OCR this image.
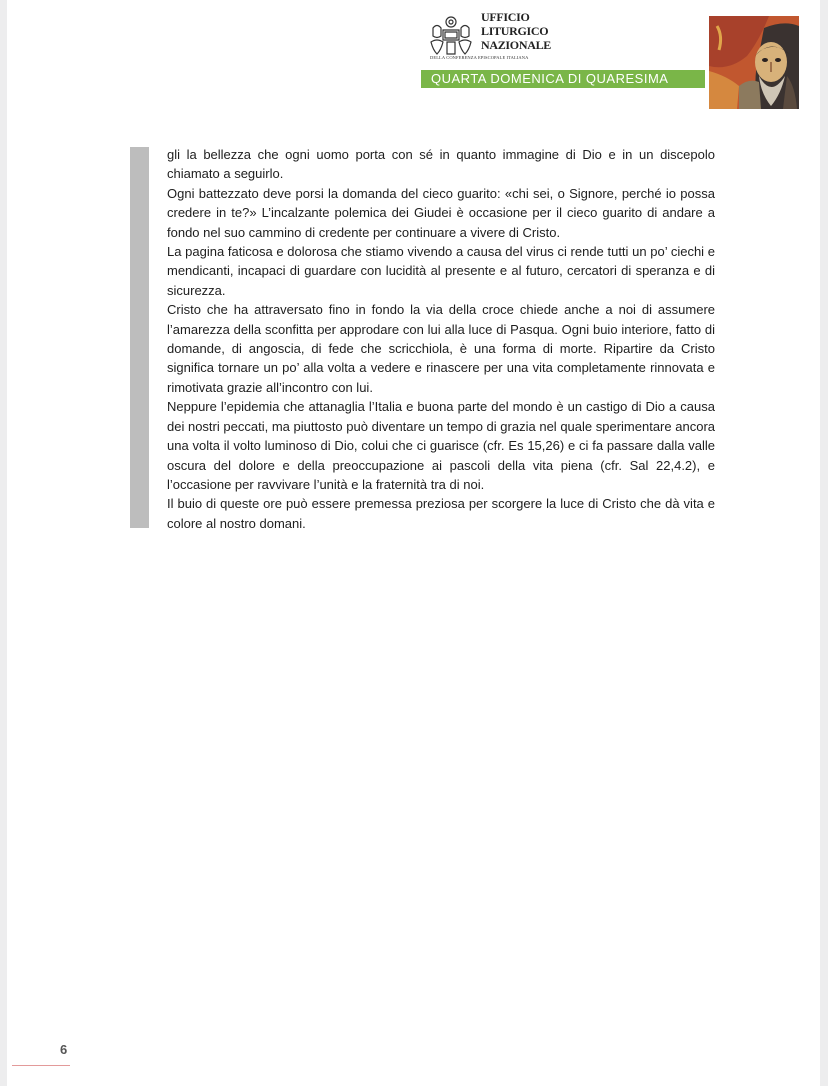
UFFICIO
LITURGICO
NAZIONALE
DELLA CONFERENZA EPISCOPALE ITALIANA
QUARTA DOMENICA DI QUARESIMA

gli la bellezza che ogni uomo porta con sé in quanto immagine di Dio e in un discepolo chiamato a seguirlo.

Ogni battezzato deve porsi la domanda del cieco guarito: «chi sei, o Signore, perché io possa credere in te?» L’incalzante polemica dei Giudei è occasione per il cieco guarito di andare a fondo nel suo cammino di credente per continuare a vivere di Cristo.

La pagina faticosa e dolorosa che stiamo vivendo a causa del virus ci rende tutti un po’ ciechi e mendicanti, incapaci di guardare con lucidità al presente e al futuro, cercatori di speranza e di sicurezza.

Cristo che ha attraversato fino in fondo la via della croce chiede anche a noi di assumere l’amarezza della sconfitta per approdare con lui alla luce di Pasqua. Ogni buio interiore, fatto di domande, di angoscia, di fede che scricchiola, è una forma di morte. Ripartire da Cristo significa tornare un po’ alla volta a vedere e rinascere per una vita completamente rinnovata e rimotivata grazie all’incontro con lui.

Neppure l’epidemia che attanaglia l’Italia e buona parte del mondo è un castigo di Dio a causa dei nostri peccati, ma piuttosto può diventare un tempo di grazia nel quale sperimentare ancora una volta il volto luminoso di Dio, colui che ci guarisce (cfr. Es 15,26) e ci fa passare dalla valle oscura del dolore e della preoccupazione ai pascoli della vita piena (cfr. Sal 22,4.2), e l’occasione per ravvivare l’unità e la fraternità tra di noi.

Il buio di queste ore può essere premessa preziosa per scorgere la luce di Cristo che dà vita e colore al nostro domani.

6
